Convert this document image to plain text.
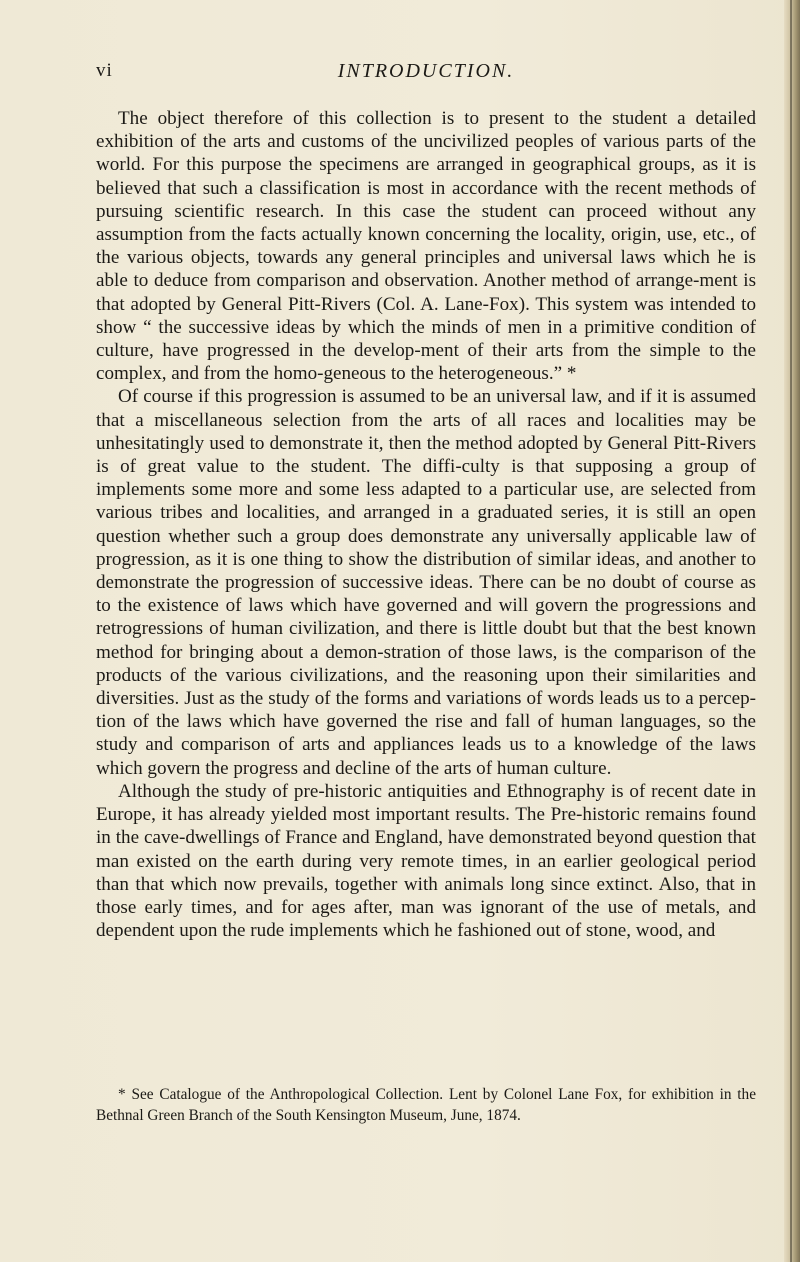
vi	INTRODUCTION.

The object therefore of this collection is to present to the student a detailed exhibition of the arts and customs of the uncivilized peoples of various parts of the world. For this purpose the specimens are arranged in geographical groups, as it is believed that such a classification is most in accordance with the recent methods of pursuing scientific research. In this case the student can proceed without any assumption from the facts actually known concerning the locality, origin, use, etc., of the various objects, towards any general principles and universal laws which he is able to deduce from comparison and observation. Another method of arrange-ment is that adopted by General Pitt-Rivers (Col. A. Lane-Fox). This system was intended to show “ the successive ideas by which the minds of men in a primitive condition of culture, have progressed in the develop-ment of their arts from the simple to the complex, and from the homo-geneous to the heterogeneous.” *

Of course if this progression is assumed to be an universal law, and if it is assumed that a miscellaneous selection from the arts of all races and localities may be unhesitatingly used to demonstrate it, then the method adopted by General Pitt-Rivers is of great value to the student. The diffi-culty is that supposing a group of implements some more and some less adapted to a particular use, are selected from various tribes and localities, and arranged in a graduated series, it is still an open question whether such a group does demonstrate any universally applicable law of progression, as it is one thing to show the distribution of similar ideas, and another to demonstrate the progression of successive ideas. There can be no doubt of course as to the existence of laws which have governed and will govern the progressions and retrogressions of human civilization, and there is little doubt but that the best known method for bringing about a demon-stration of those laws, is the comparison of the products of the various civilizations, and the reasoning upon their similarities and diversities. Just as the study of the forms and variations of words leads us to a percep-tion of the laws which have governed the rise and fall of human languages, so the study and comparison of arts and appliances leads us to a knowledge of the laws which govern the progress and decline of the arts of human culture.

Although the study of pre-historic antiquities and Ethnography is of recent date in Europe, it has already yielded most important results. The Pre-historic remains found in the cave-dwellings of France and England, have demonstrated beyond question that man existed on the earth during very remote times, in an earlier geological period than that which now prevails, together with animals long since extinct. Also, that in those early times, and for ages after, man was ignorant of the use of metals, and dependent upon the rude implements which he fashioned out of stone, wood, and

* See Catalogue of the Anthropological Collection. Lent by Colonel Lane Fox, for exhibition in the Bethnal Green Branch of the South Kensington Museum, June, 1874.
